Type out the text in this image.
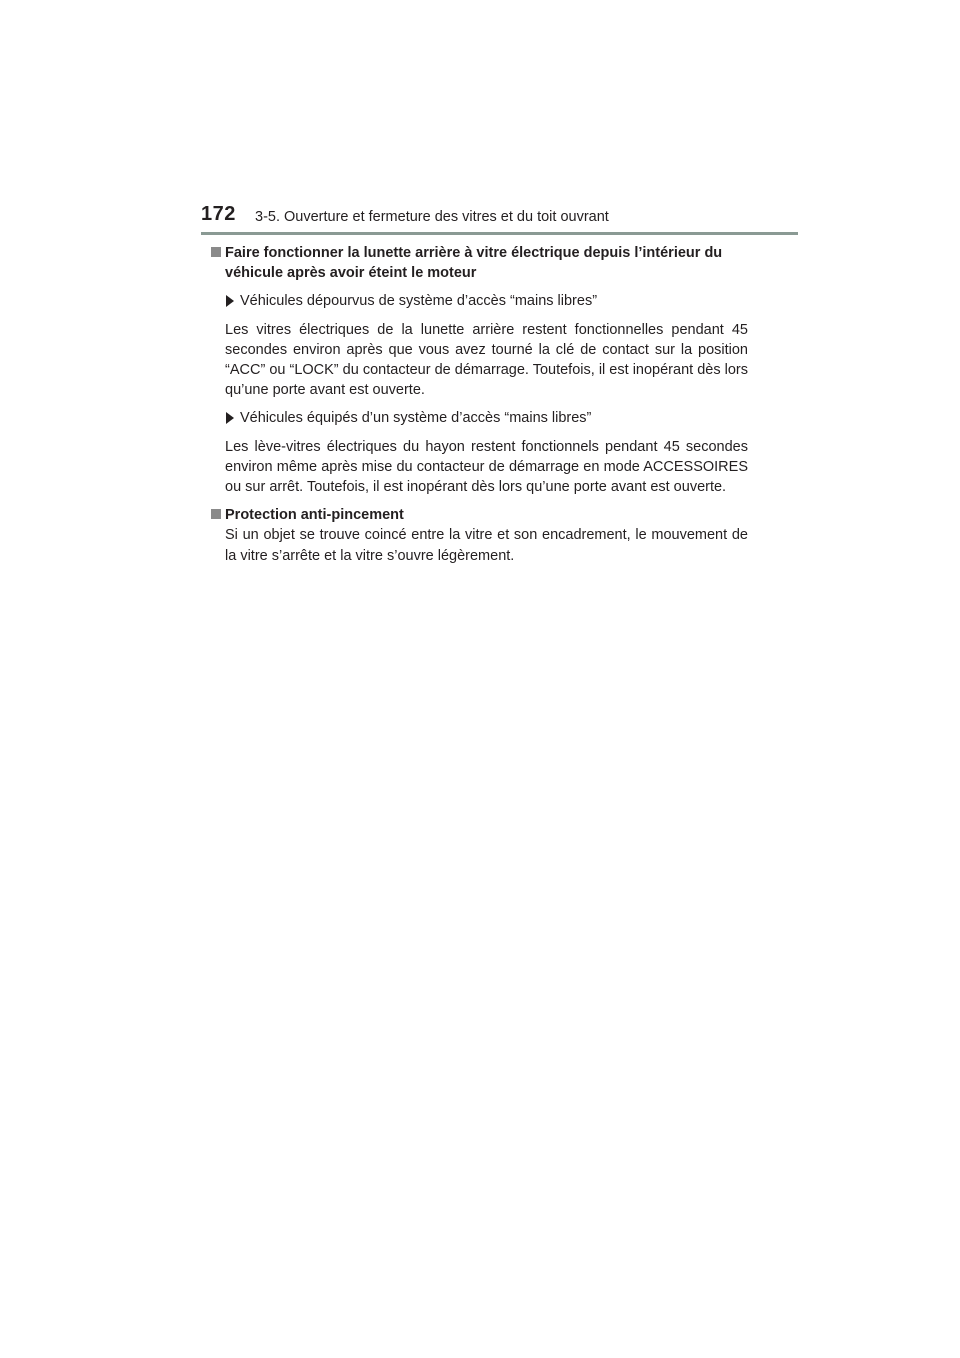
172 3-5. Ouverture et fermeture des vitres et du toit ouvrant
Faire fonctionner la lunette arrière à vitre électrique depuis l’intérieur du véhicule après avoir éteint le moteur
Véhicules dépourvus de système d’accès “mains libres”

Les vitres électriques de la lunette arrière restent fonctionnelles pendant 45 secondes environ après que vous avez tourné la clé de contact sur la position “ACC” ou “LOCK” du contacteur de démarrage. Toutefois, il est inopérant dès lors qu’une porte avant est ouverte.

Véhicules équipés d’un système d’accès “mains libres”

Les lève-vitres électriques du hayon restent fonctionnels pendant 45 secondes environ même après mise du contacteur de démarrage en mode ACCESSOIRES ou sur arrêt. Toutefois, il est inopérant dès lors qu’une porte avant est ouverte.

Protection anti-pincement

Si un objet se trouve coincé entre la vitre et son encadrement, le mouvement de la vitre s’arrête et la vitre s’ouvre légèrement.
